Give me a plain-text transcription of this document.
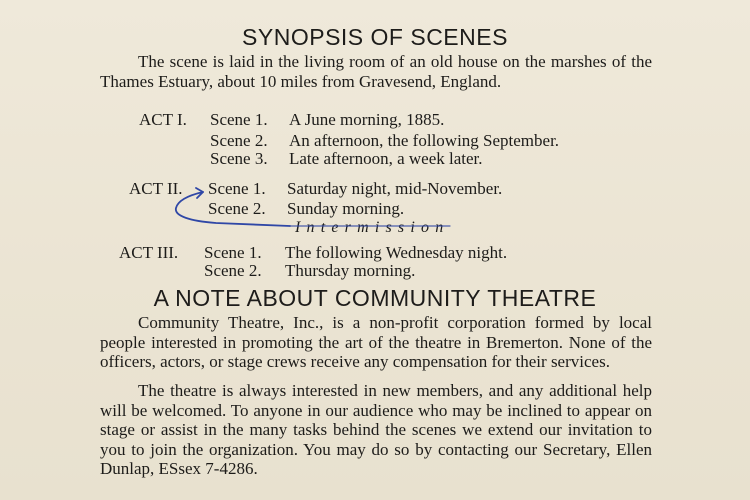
SYNOPSIS OF SCENES

The scene is laid in the living room of an old house on the marshes of the Thames Estuary, about 10 miles from Gravesend, England.

ACT I. Scene 1. A June morning, 1885.
Scene 2. An afternoon, the following September.
Scene 3. Late afternoon, a week later.
ACT II. Scene 1. Saturday night, mid-November.
Scene 2. Sunday morning.
Intermission
ACT III. Scene 1. The following Wednesday night.
Scene 2. Thursday morning.
A NOTE ABOUT COMMUNITY THEATRE

Community Theatre, Inc., is a non-profit corporation formed by local people interested in promoting the art of the theatre in Bremerton. None of the officers, actors, or stage crews receive any compensation for their services.

The theatre is always interested in new members, and any additional help will be welcomed. To anyone in our audience who may be inclined to appear on stage or assist in the many tasks behind the scenes we extend our invitation to you to join the organization. You may do so by contacting our Secretary, Ellen Dunlap, ESsex 7-4286.
